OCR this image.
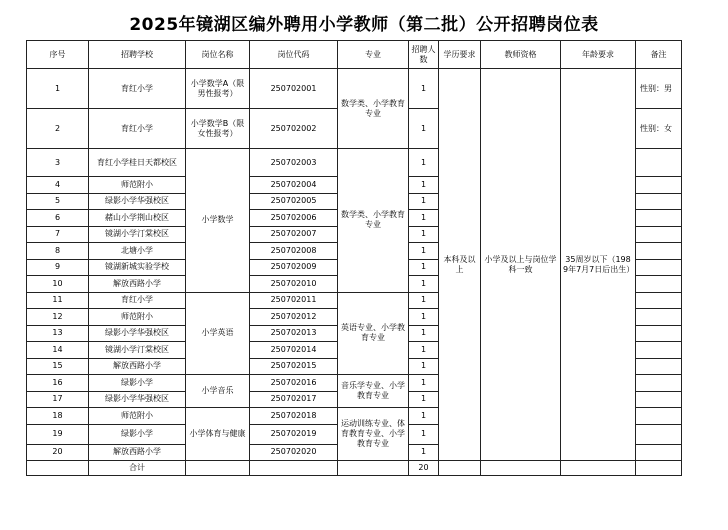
2025年镜湖区编外聘用小学教师（第二批）公开招聘岗位表
序号	招聘学校	岗位名称	岗位代码	专业	招聘人数	学历要求	教师资格	年龄要求	备注
1	育红小学	小学数学A（限男性报考）	250702001	数学类、小学教育专业	1	本科及以上	小学及以上与岗位学科一致	35周岁以下（1989年7月7日后出生）	性别：男
2	育红小学	小学数学B（限女性报考）	250702002		1				性别：女
3	育红小学桂日天都校区	小学数学	250702003	数学类、小学教育专业	1				
4	师范附小		250702004		1				
5	绿影小学华强校区		250702005		1				
6	赭山小学荆山校区		250702006		1				
7	镜湖小学汀棠校区		250702007		1				
8	北塘小学		250702008		1				
9	镜湖新城实验学校		250702009		1				
10	解放西路小学		250702010		1				
11	育红小学	小学英语	250702011	英语专业、小学教育专业	1				
12	师范附小		250702012		1				
13	绿影小学华强校区		250702013		1				
14	镜湖小学汀棠校区		250702014		1				
15	解放西路小学		250702015		1				
16	绿影小学	小学音乐	250702016	音乐学专业、小学教育专业	1				
17	绿影小学华强校区		250702017		1				
18	师范附小	小学体育与健康	250702018	运动训练专业、体育教育专业、小学教育专业	1				
19	绿影小学		250702019		1				
20	解放西路小学		250702020		1				
	合计				20				
